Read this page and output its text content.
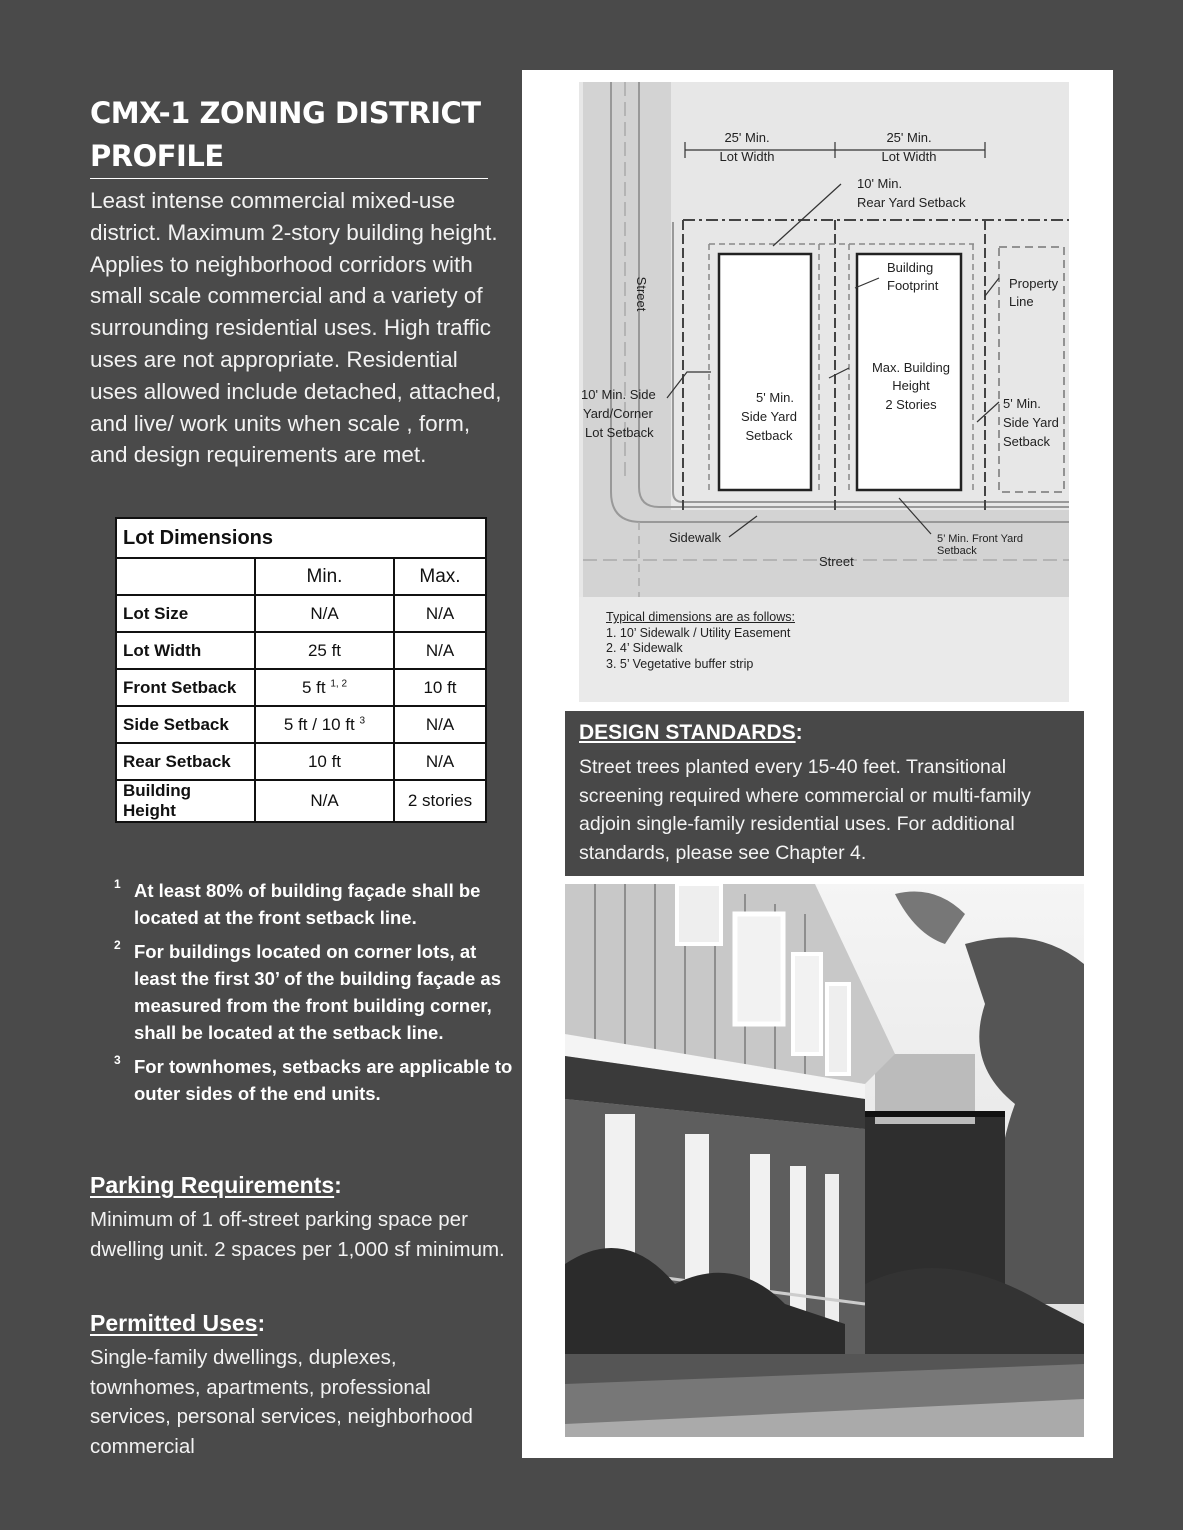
CMX-1 ZONING DISTRICT
PROFILE

Least intense commercial mixed-use district. Maximum 2-story building height. Applies to neighborhood corridors with small scale commercial and a variety of surrounding residential uses. High traffic uses are not appropriate. Residential uses allowed include detached, attached, and live/ work units when scale , form, and design requirements are met.

Lot Dimensions		
	Min.	Max.
Lot Size	N/A	N/A
Lot Width	25 ft	N/A
Front Setback	5 ft $^{1, 2}$	10 ft
Side Setback	5 ft / 10 ft $^3$	N/A
Rear Setback	10 ft	N/A
Building Height	N/A	2 stories
1 At least 80% of building façade shall be located at the front setback line.
2 For buildings located on corner lots, at least the first 30’ of the building façade as measured from the front building corner, shall be located at the setback line.
3 For townhomes, setbacks are applicable to outer sides of the end units.
Parking Requirements:

Minimum of 1 off-street parking space per dwelling unit. 2 spaces per 1,000 sf minimum.

Permitted Uses:

Single-family dwellings, duplexes, townhomes, apartments, professional services, personal services, neighborhood commercial

25' Min.
Lot Width
25' Min.
Lot Width
10' Min.
Rear Yard Setback
Building
Footprint	Property
Line
Street
10' Min. Side
Yard/Corner
Lot Setback
5' Min.
Side Yard
Setback
Max. Building
Height
2 Stories	5' Min.
Side Yard
Setback
Sidewalk
Street
5’ Min. Front Yard
Setback
Typical dimensions are as follows:
1. 10’ Sidewalk / Utility Easement
2. 4’ Sidewalk
3. 5’ Vegetative buffer strip
DESIGN STANDARDS:

Street trees planted every 15-40 feet. Transitional screening required where commercial or multi-family adjoin single-family residential uses. For additional standards, please see Chapter 4.
